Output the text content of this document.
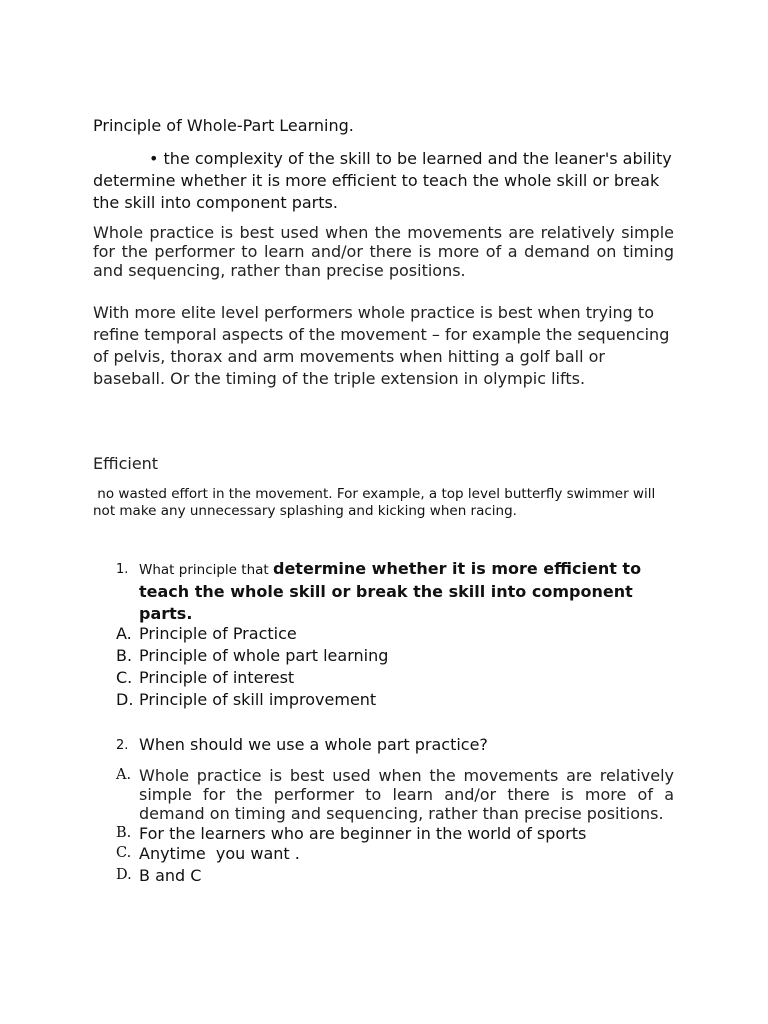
Principle of Whole-Part Learning.
• the complexity of the skill to be learned and the leaner's ability determine whether it is more efficient to teach the whole skill or break the skill into component parts.
Whole practice is best used when the movements are relatively simple for the performer to learn and/or there is more of a demand on timing and sequencing, rather than precise positions.
With more elite level performers whole practice is best when trying to refine temporal aspects of the movement – for example the sequencing of pelvis, thorax and arm movements when hitting a golf ball or baseball. Or the timing of the triple extension in olympic lifts.
Efficient
no wasted effort in the movement. For example, a top level butterfly swimmer will not make any unnecessary splashing and kicking when racing.
1. What principle that determine whether it is more efficient to teach the whole skill or break the skill into component parts.
A. Principle of Practice
B. Principle of whole part learning
C. Principle of interest
D. Principle of skill improvement
2. When should we use a whole part practice?
A. Whole practice is best used when the movements are relatively simple for the performer to learn and/or there is more of a demand on timing and sequencing, rather than precise positions.
B. For the learners who are beginner in the world of sports
C. Anytime  you want .
D. B and C
